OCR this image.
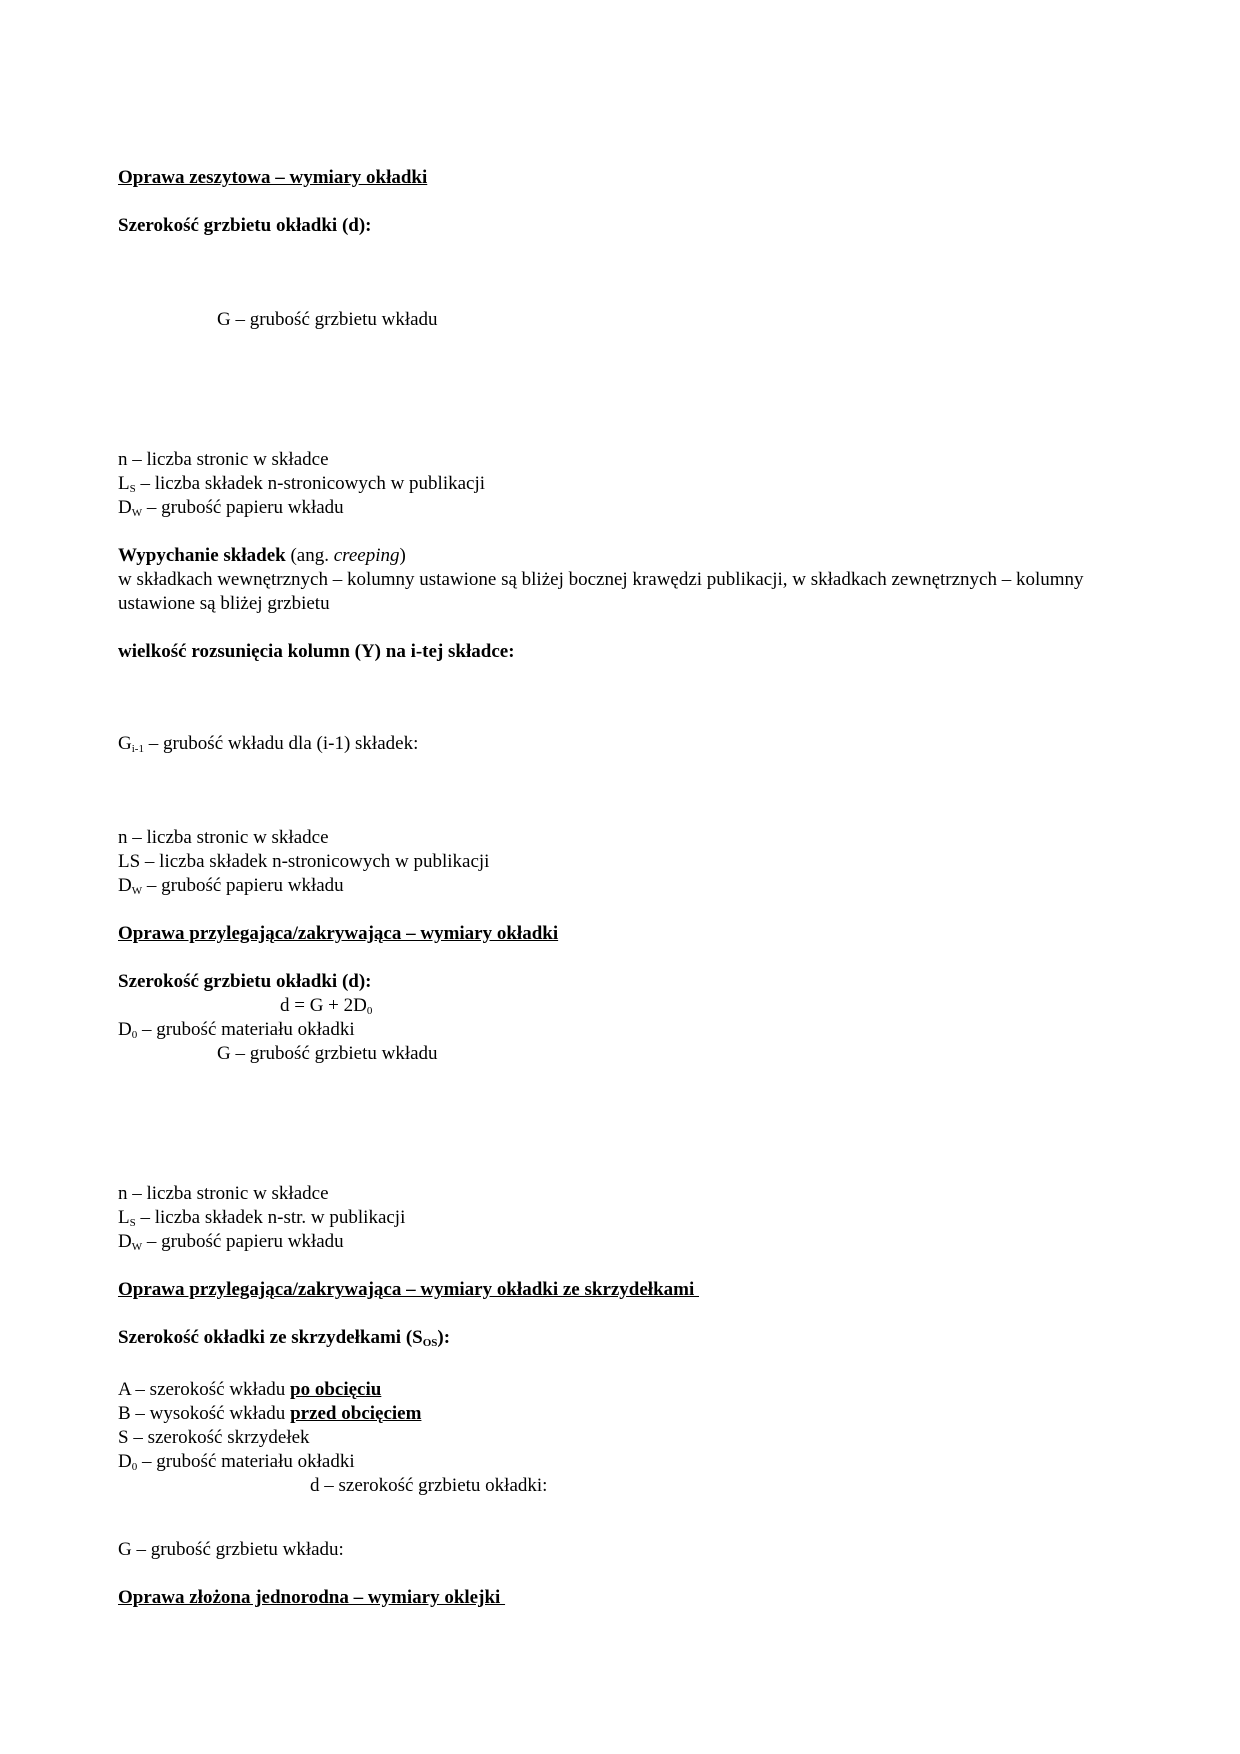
Oprawa zeszytowa – wymiary okładki
Szerokość grzbietu okładki (d):
G – grubość grzbietu wkładu
n – liczba stronic w składce
$L_S$ – liczba składek n-stronicowych w publikacji
$D_W$ – grubość papieru wkładu
Wypychanie składek (ang. creeping)
w składkach wewnętrznych – kolumny ustawione są bliżej bocznej krawędzi publikacji, w składkach zewnętrznych – kolumny ustawione są bliżej grzbietu
wielkość rozsunięcia kolumn (Y) na i-tej składce:
$G_{i-1}$ – grubość wkładu dla (i-1) składek:
n – liczba stronic w składce
LS – liczba składek n-stronicowych w publikacji
$D_W$ – grubość papieru wkładu
Oprawa przylegająca/zakrywająca – wymiary okładki
Szerokość grzbietu okładki (d):
$d = G + 2D_0$
$D_0$ – grubość materiału okładki
G – grubość grzbietu wkładu
n – liczba stronic w składce
$L_S$ – liczba składek n-str. w publikacji
$D_W$ – grubość papieru wkładu
Oprawa przylegająca/zakrywająca – wymiary okładki ze skrzydełkami
Szerokość okładki ze skrzydełkami $(S_{OS})$:
A – szerokość wkładu po obcięciu
B – wysokość wkładu przed obcięciem
S – szerokość skrzydełek
$D_0$ – grubość materiału okładki
d – szerokość grzbietu okładki:
G – grubość grzbietu wkładu:
Oprawa złożona jednorodna – wymiary oklejki
